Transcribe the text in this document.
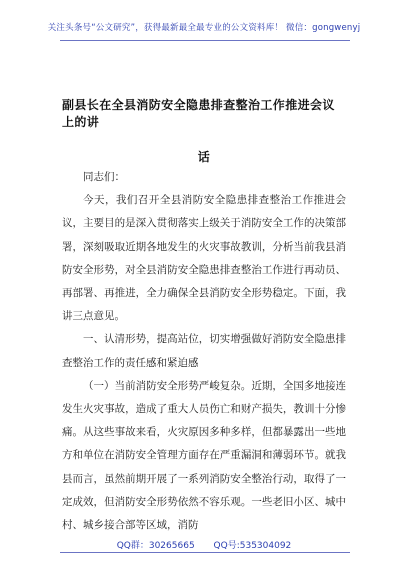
关注头条号“公文研究”，获得最新最全最专业的公文资料库！ 微信：gongwenyj
副县长在全县消防安全隐患排查整治工作推进会议上的讲
话

同志们：

今天，我们召开全县消防安全隐患排查整治工作推进会议，主要目的是深入贯彻落实上级关于消防安全工作的决策部署，深刻吸取近期各地发生的火灾事故教训，分析当前我县消防安全形势，对全县消防安全隐患排查整治工作进行再动员、再部署、再推进，全力确保全县消防安全形势稳定。下面，我讲三点意见。

一、认清形势，提高站位，切实增强做好消防安全隐患排查整治工作的责任感和紧迫感

（一）当前消防安全形势严峻复杂。近期，全国多地接连发生火灾事故，造成了重大人员伤亡和财产损失，教训十分惨痛。从这些事故来看，火灾原因多种多样，但都暴露出一些地方和单位在消防安全管理方面存在严重漏洞和薄弱环节。就我县而言，虽然前期开展了一系列消防安全整治行动，取得了一定成效，但消防安全形势依然不容乐观。一些老旧小区、城中村、城乡接合部等区域，消防

QQ群：30265665 QQ号:535304092
